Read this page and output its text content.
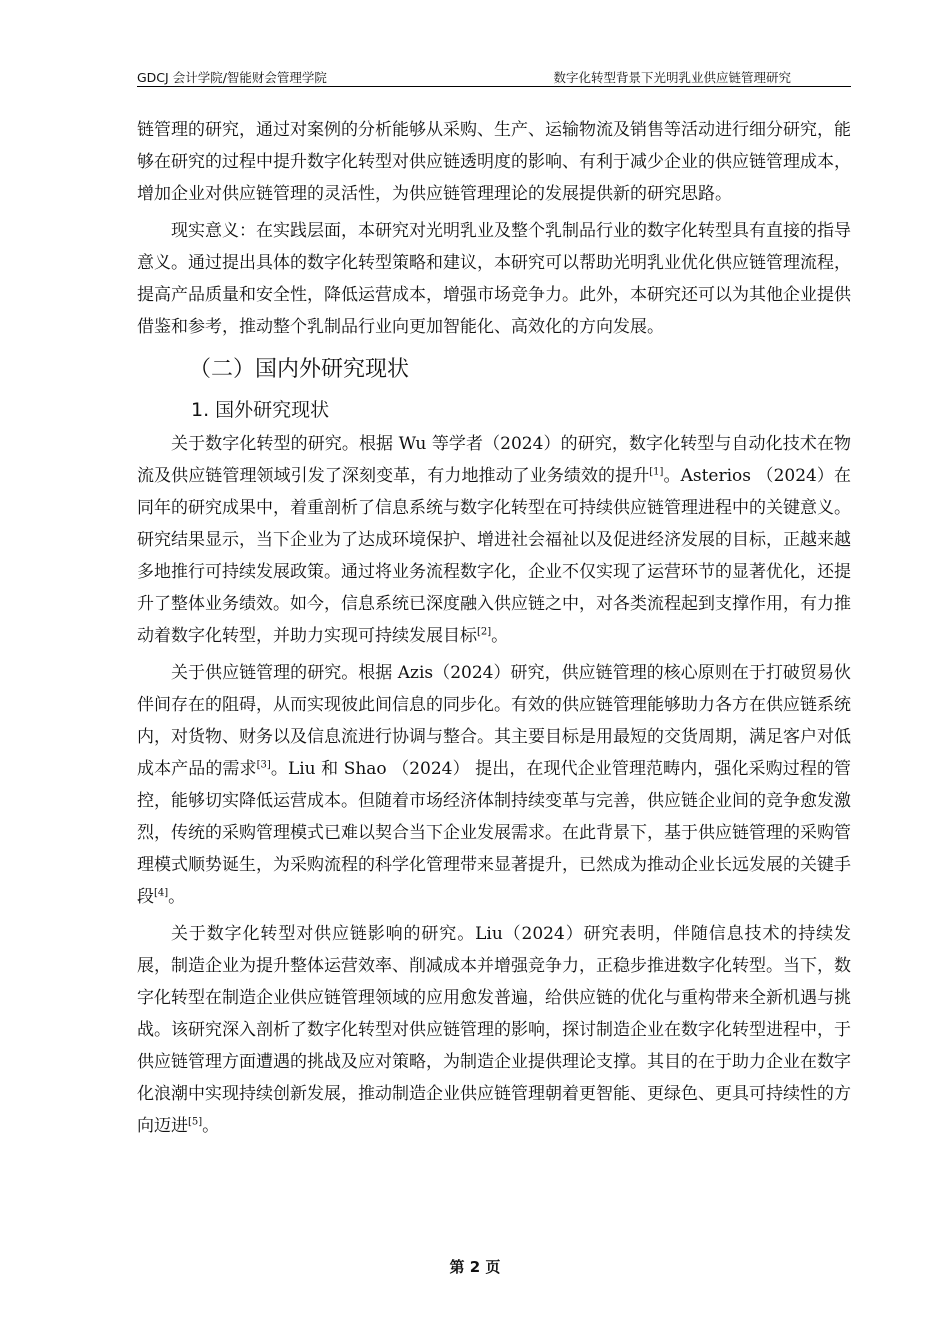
GDCJ 会计学院/智能财会管理学院	数字化转型背景下光明乳业供应链管理研究

链管理的研究，通过对案例的分析能够从采购、生产、运输物流及销售等活动进行细分研究，能够在研究的过程中提升数字化转型对供应链透明度的影响、有利于减少企业的供应链管理成本，增加企业对供应链管理的灵活性，为供应链管理理论的发展提供新的研究思路。

现实意义：在实践层面，本研究对光明乳业及整个乳制品行业的数字化转型具有直接的指导意义。通过提出具体的数字化转型策略和建议，本研究可以帮助光明乳业优化供应链管理流程，提高产品质量和安全性，降低运营成本，增强市场竞争力。此外，本研究还可以为其他企业提供借鉴和参考，推动整个乳制品行业向更加智能化、高效化的方向发展。

（二）国内外研究现状
1. 国外研究现状

关于数字化转型的研究。根据 Wu 等学者（2024）的研究，数字化转型与自动化技术在物流及供应链管理领域引发了深刻变革，有力地推动了业务绩效的提升[1]。Asterios （2024）在同年的研究成果中，着重剖析了信息系统与数字化转型在可持续供应链管理进程中的关键意义。研究结果显示，当下企业为了达成环境保护、增进社会福祉以及促进经济发展的目标，正越来越多地推行可持续发展政策。通过将业务流程数字化，企业不仅实现了运营环节的显著优化，还提升了整体业务绩效。如今，信息系统已深度融入供应链之中，对各类流程起到支撑作用，有力推动着数字化转型，并助力实现可持续发展目标[2]。

关于供应链管理的研究。根据 Azis（2024）研究，供应链管理的核心原则在于打破贸易伙伴间存在的阻碍，从而实现彼此间信息的同步化。有效的供应链管理能够助力各方在供应链系统内，对货物、财务以及信息流进行协调与整合。其主要目标是用最短的交货周期，满足客户对低成本产品的需求[3]。Liu 和 Shao （2024） 提出，在现代企业管理范畴内，强化采购过程的管控，能够切实降低运营成本。但随着市场经济体制持续变革与完善，供应链企业间的竞争愈发激烈，传统的采购管理模式已难以契合当下企业发展需求。在此背景下，基于供应链管理的采购管理模式顺势诞生，为采购流程的科学化管理带来显著提升，已然成为推动企业长远发展的关键手段[4]。

关于数字化转型对供应链影响的研究。Liu（2024）研究表明，伴随信息技术的持续发展，制造企业为提升整体运营效率、削减成本并增强竞争力，正稳步推进数字化转型。当下，数字化转型在制造企业供应链管理领域的应用愈发普遍，给供应链的优化与重构带来全新机遇与挑战。该研究深入剖析了数字化转型对供应链管理的影响，探讨制造企业在数字化转型进程中，于供应链管理方面遭遇的挑战及应对策略，为制造企业提供理论支撑。其目的在于助力企业在数字化浪潮中实现持续创新发展，推动制造企业供应链管理朝着更智能、更绿色、更具可持续性的方向迈进[5]。

第 2 页
